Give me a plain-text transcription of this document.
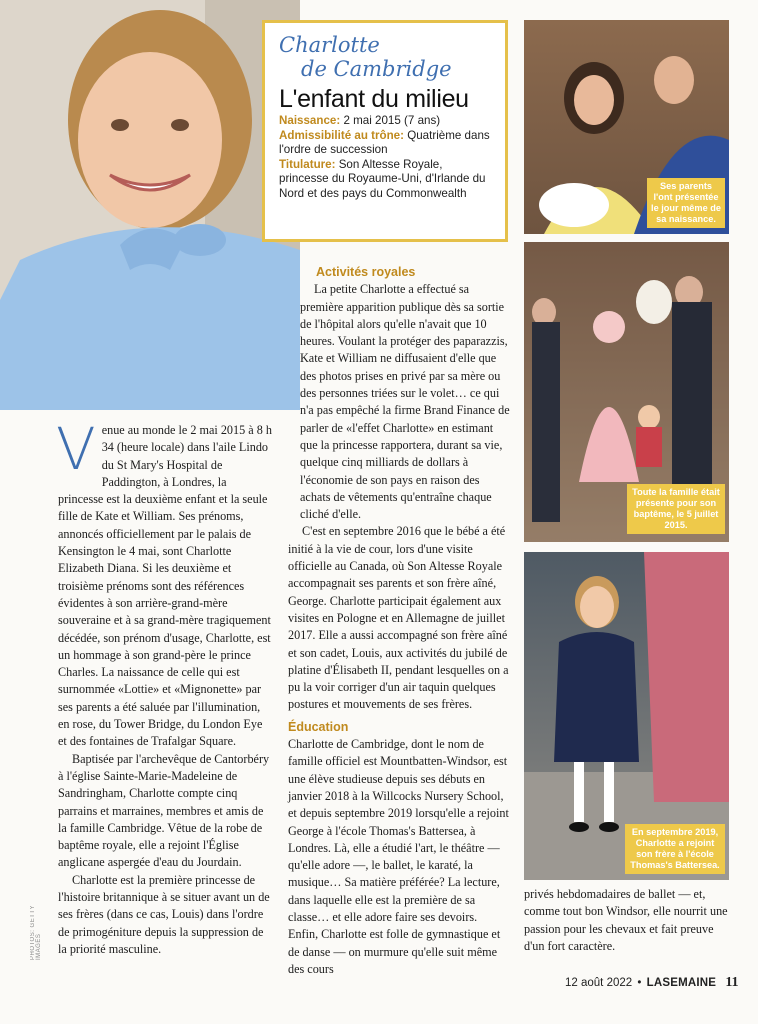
Charlotte
de Cambridge
L'enfant du milieu
Naissance: 2 mai 2015 (7 ans)
Admissibilité au trône: Quatrième dans l'ordre de succession
Titulature: Son Altesse Royale, princesse du Royaume-Uni, d'Irlande du Nord et des pays du Commonwealth

Venue au monde le 2 mai 2015 à 8 h 34 (heure locale) dans l'aile Lindo du St Mary's Hospital de Paddington, à Londres, la princesse est la deuxième enfant et la seule fille de Kate et William. Ses prénoms, annoncés officiellement par le palais de Kensington le 4 mai, sont Charlotte Elizabeth Diana. Si les deuxième et troisième prénoms sont des références évidentes à son arrière-grand-mère souveraine et à sa grand-mère tragiquement décédée, son prénom d'usage, Charlotte, est un hommage à son grand-père le prince Charles. La naissance de celle qui est surnommée «Lottie» et «Mignonette» par ses parents a été saluée par l'illumination, en rose, du Tower Bridge, du London Eye et des fontaines de Trafalgar Square.

Baptisée par l'archevêque de Cantorbéry à l'église Sainte-Marie-Madeleine de Sandringham, Charlotte compte cinq parrains et marraines, membres et amis de la famille Cambridge. Vêtue de la robe de baptême royale, elle a rejoint l'Église anglicane aspergée d'eau du Jourdain.

Charlotte est la première princesse de l'histoire britannique à se situer avant un de ses frères (dans ce cas, Louis) dans l'ordre de primogéniture depuis la suppression de la priorité masculine.

PHOTOS: GETTY IMAGES
Activités royales

La petite Charlotte a effectué sa première apparition publique dès sa sortie de l'hôpital alors qu'elle n'avait que 10 heures. Voulant la protéger des paparazzis, Kate et William ne diffusaient d'elle que des photos prises en privé par sa mère ou des personnes triées sur le volet… ce qui n'a pas empêché la firme Brand Finance de parler de «l'effet Charlotte» en estimant que la princesse rapportera, durant sa vie, quelque cinq milliards de dollars à l'économie de son pays en raison des achats de vêtements qu'entraîne chaque cliché d'elle.

C'est en septembre 2016 que le bébé a été initié à la vie de cour, lors d'une visite officielle au Canada, où Son Altesse Royale accompagnait ses parents et son frère aîné, George. Charlotte participait également aux visites en Pologne et en Allemagne de juillet 2017. Elle a aussi accompagné son frère aîné et son cadet, Louis, aux activités du jubilé de platine d'Élisabeth II, pendant lesquelles on a pu la voir corriger d'un air taquin quelques postures et mouvements de ses frères.

Éducation

Charlotte de Cambridge, dont le nom de famille officiel est Mountbatten-Windsor, est une élève studieuse depuis ses débuts en janvier 2018 à la Willcocks Nursery School, et depuis septembre 2019 lorsqu'elle a rejoint George à l'école Thomas's Battersea, à Londres. Là, elle a étudié l'art, le théâtre — qu'elle adore —, le ballet, le karaté, la musique… Sa matière préférée? La lecture, dans laquelle elle est la première de sa classe… et elle adore faire ses devoirs. Enfin, Charlotte est folle de gymnastique et de danse — on murmure qu'elle suit même des cours

Ses parents l'ont présentée le jour même de sa naissance.
Toute la famille était présente pour son baptême, le 5 juillet 2015.
En septembre 2019, Charlotte a rejoint son frère à l'école Thomas's Battersea.

privés hebdomadaires de ballet — et, comme tout bon Windsor, elle nourrit une passion pour les chevaux et fait preuve d'un fort caractère.

12 août 2022 • LASEMAINE 11
